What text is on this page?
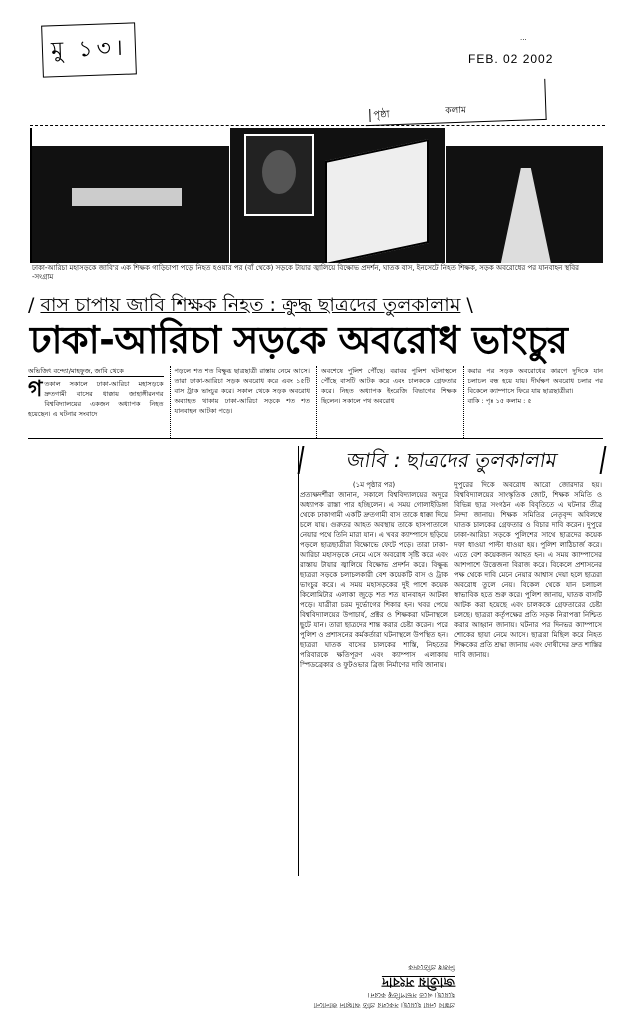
মু ১৩।	···
FEB. 02 2002
পৃষ্ঠা	কলাম
ঢাকা-আরিচা মহাসড়কে জাবি'র এক শিক্ষক গাড়িচাপা পড়ে নিহত হওয়ার পর (বাঁ থেকে) সড়কে টায়ার জ্বালিয়ে বিক্ষোভ প্রদর্শন, ঘাতক বাস, ইনসেটে নিহত শিক্ষক, সড়ক অবরোধের পর যানবাহন স্থবির -সংগ্রাম
/ বাস চাপায় জাবি শিক্ষক নিহত : ক্রুদ্ধ ছাত্রদের তুলকালাম \
ঢাকা-আরিচা সড়কে অবরোধ ভাংচুর
অভিজিৎ বন্দ্যো/মাহফুজ, জাবি থেকে
গ তকাল সকালে ঢাকা-আরিচা মহাসড়কে দ্রুতগামী বাসের ধাক্কায় জাহাঙ্গীরনগর বিশ্ববিদ্যালয়ের একজন অধ্যাপক নিহত হয়েছেন। এ ঘটনার সংবাদে
পড়লে শত শত বিক্ষুব্ধ ছাত্রছাত্রী রাস্তায় নেমে আসে। তারা ঢাকা-আরিচা সড়ক অবরোধ করে এবং ১৫টি বাস ট্রাক ভাংচুর করে। সকাল থেকে সড়ক অবরোধ অব্যাহত থাকায় ঢাকা-আরিচা সড়কে শত শত যানবাহন আটকা পড়ে।
অবশেষে পুলিশ পৌঁছে। বরাবর পুলিশ ঘটনাস্থলে পৌঁছে বাসটি আটক করে এবং চালককে গ্রেফতার করে। নিহত অধ্যাপক ইংরেজি বিভাগের শিক্ষক ছিলেন। সকালে পথ অবরোধ
করার পর সড়ক অবরোধের কারণে দুদিকে যান চলাচল বন্ধ হয়ে যায়। দীর্ঘক্ষণ অবরোধ চলার পর বিকেলে ক্যাম্পাসে ফিরে যায় ছাত্রছাত্রীরা।
বাকি : পৃঃ ১৫ কলাম : ৫
জাবি : ছাত্রদের তুলকালাম
(১ম পৃষ্ঠার পর)
প্রত্যক্ষদর্শীরা জানান, সকালে বিশ্ববিদ্যালয়ের অদূরে অধ্যাপক রাস্তা পার হচ্ছিলেন। এ সময় গোলাইডিঙ্গা থেকে ঢাকাগামী একটি দ্রুতগামী বাস তাকে ধাক্কা দিয়ে চলে যায়। গুরুতর আহত অবস্থায় তাকে হাসপাতালে নেয়ার পথে তিনি মারা যান। এ খবর ক্যাম্পাসে ছড়িয়ে পড়লে ছাত্রছাত্রীরা বিক্ষোভে ফেটে পড়ে। তারা ঢাকা-আরিচা মহাসড়কে নেমে এসে অবরোধ সৃষ্টি করে এবং রাস্তায় টায়ার জ্বালিয়ে বিক্ষোভ প্রদর্শন করে। বিক্ষুব্ধ ছাত্ররা সড়কে চলাচলকারী বেশ কয়েকটি বাস ও ট্রাক ভাংচুর করে। এ সময় মহাসড়কের দুই পাশে কয়েক কিলোমিটার এলাকা জুড়ে শত শত যানবাহন আটকা পড়ে। যাত্রীরা চরম দুর্ভোগের শিকার হন। খবর পেয়ে বিশ্ববিদ্যালয়ের উপাচার্য, প্রক্টর ও শিক্ষকরা ঘটনাস্থলে ছুটে যান। তারা ছাত্রদের শান্ত করার চেষ্টা করেন। পরে পুলিশ ও প্রশাসনের কর্মকর্তারা ঘটনাস্থলে উপস্থিত হন। ছাত্ররা ঘাতক বাসের চালকের শাস্তি, নিহতের পরিবারকে ক্ষতিপূরণ এবং ক্যাম্পাস এলাকায় স্পিডব্রেকার ও ফুটওভার ব্রিজ নির্মাণের দাবি জানায়।
দুপুরের দিকে অবরোধ আরো জোরদার হয়। বিশ্ববিদ্যালয়ের সাংস্কৃতিক জোট, শিক্ষক সমিতি ও বিভিন্ন ছাত্র সংগঠন এক বিবৃতিতে এ ঘটনার তীব্র নিন্দা জানায়। শিক্ষক সমিতির নেতৃবৃন্দ অবিলম্বে ঘাতক চালকের গ্রেফতার ও বিচার দাবি করেন। দুপুরে ঢাকা-আরিচা সড়কে পুলিশের সাথে ছাত্রদের কয়েক দফা ধাওয়া পাল্টা ধাওয়া হয়। পুলিশ লাঠিচার্জ করে। এতে বেশ কয়েকজন আহত হন। এ সময় ক্যাম্পাসের আশপাশে উত্তেজনা বিরাজ করে। বিকেলে প্রশাসনের পক্ষ থেকে দাবি মেনে নেয়ার আশ্বাস দেয়া হলে ছাত্ররা অবরোধ তুলে নেয়। বিকেল থেকে যান চলাচল স্বাভাবিক হতে শুরু করে। পুলিশ জানায়, ঘাতক বাসটি আটক করা হয়েছে এবং চালককে গ্রেফতারের চেষ্টা চলছে। ছাত্ররা কর্তৃপক্ষের প্রতি সড়ক নিরাপত্তা নিশ্চিত করার আহ্বান জানায়। ঘটনার পর দিনভর ক্যাম্পাসে শোকের ছায়া নেমে আসে। ছাত্ররা মিছিল করে নিহত শিক্ষকের প্রতি শ্রদ্ধা জানায় এবং দোষীদের দ্রুত শাস্তির দাবি জানায়।
প্রস্তাব নেয়া হয়েছে। সকলের প্রতি আহ্বান জানানো হয়েছে। এতে সভাপতিত্ব করেন।
জাতীয় সংবাদ
নিজস্ব প্রতিবেদক
